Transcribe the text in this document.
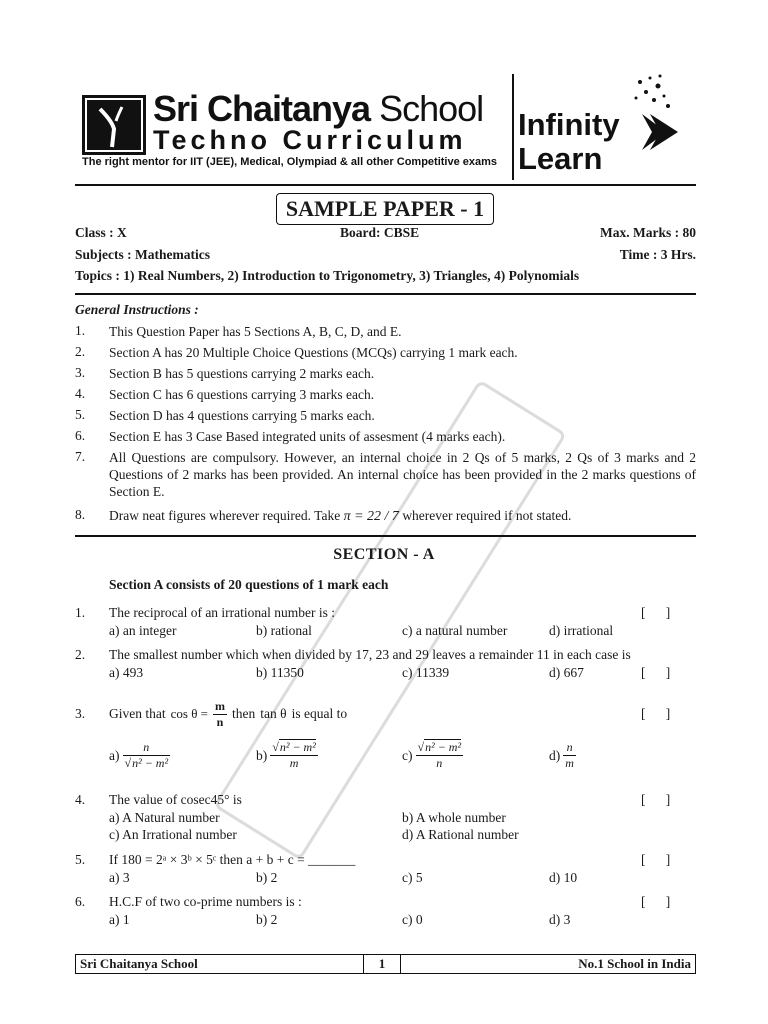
Sri Chaitanya School
Techno Curriculum
The right mentor for IIT (JEE), Medical, Olympiad & all other Competitive exams
Infinity
Learn
SAMPLE PAPER - 1
Class : X	Board: CBSE	Max. Marks : 80
Subjects : Mathematics	Time : 3 Hrs.
Topics : 1) Real Numbers, 2) Introduction to Trigonometry, 3) Triangles, 4) Polynomials
General Instructions :
1. This Question Paper has 5 Sections A, B, C, D, and E.
2. Section A has 20 Multiple Choice Questions (MCQs) carrying 1 mark each.
3. Section B has 5 questions carrying 2 marks each.
4. Section C has 6 questions carrying 3 marks each.
5. Section D has 4 questions carrying 5 marks each.
6. Section E has 3 Case Based integrated units of assesment (4 marks each).
7. All Questions are compulsory. However, an internal choice in 2 Qs of 5 marks, 2 Qs of 3 marks and 2 Questions of 2 marks has been provided. An internal choice has been provided in the 2 marks questions of Section E.
8. Draw neat figures wherever required. Take π = 22 / 7 wherever required if not stated.
SECTION - A
Section A consists of 20 questions of 1 mark each
1. The reciprocal of an irrational number is :	[      ]
a) an integer	b) rational	c) a natural number	d) irrational
2. The smallest number which when divided by 17, 23 and 29 leaves a remainder 11 in each case is
a) 493	b) 11350	c) 11339	d) 667	[      ]
3. Given that $\cos \theta = \frac{m}{n}$ then tan θ is equal to	[      ]
$a) \frac{n}{\text{√n² − m²}}$	$b) \frac{\text{√n² − m²}}{m}$	$c) \frac{\text{√n² − m²}}{n}$	$d) \frac{n}{m}$
4. The value of cosec45° is	[      ]
a) A Natural number	b) A whole number
c) An Irrational number	d) A Rational number
5. If 180 = 2ᵃ × 3ᵇ × 5ᶜ then a + b + c = _______	[      ]
a) 3	b) 2	c) 5	d) 10
6. H.C.F of two co-prime numbers is :	[      ]
a) 1	b) 2	c) 0	d) 3
Sri Chaitanya School	1	No.1 School in India
